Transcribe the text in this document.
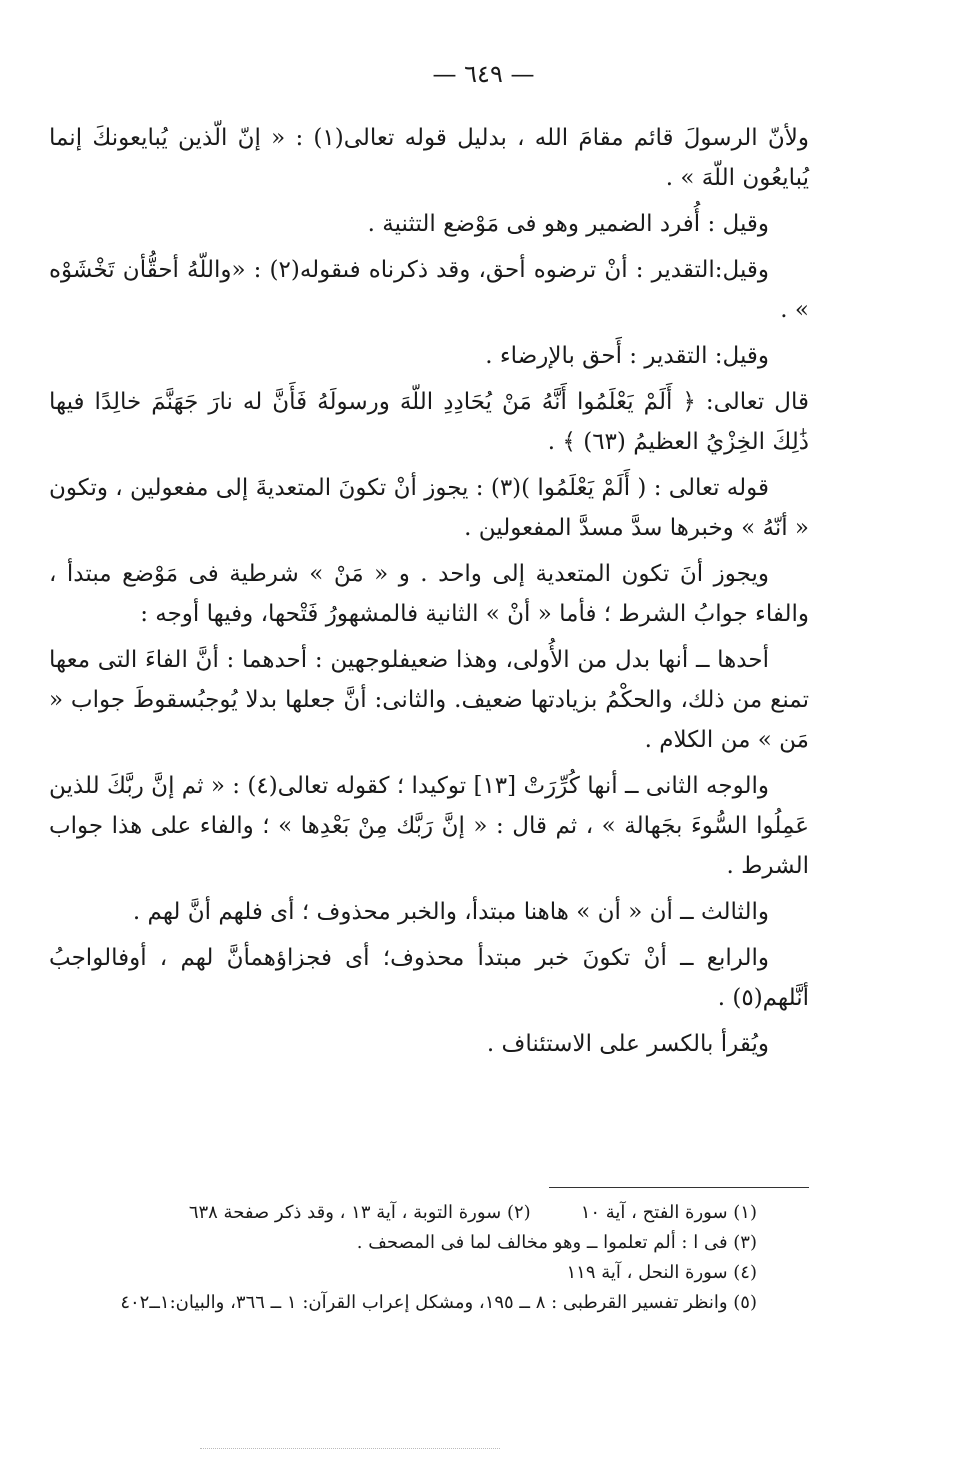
— ٦٤٩ —

ولأنّ الرسولَ قائم مقامَ الله ، بدليل قوله تعالى(١) : « إنّ الّذين يُبايعونكَ إنما يُبايعُون اللّهَ » .

وقيل : أُفرد الضمير وهو فى مَوْضع التثنية .

وقيل:التقدير : أنْ ترضوه أحق، وقد ذكرناه فىقوله(٢) : «واللّهُ أحقُّأن تَخْشَوْه » .

وقيل: التقدير : أَحق بالإرضاء .

قال تعالى: ﴿ أَلَمْ يَعْلَمُوا أَنَّهُ مَنْ يُحَادِدِ اللّهَ ورسولَهُ فَأَنَّ له نارَ جَهَنَّمَ خالِدًا فيها ذَٰلِكَ الخِزْيُ العظيمُ (٦٣) ﴾ .

قوله تعالى : ( أَلَمْ يَعْلَمُوا )(٣) : يجوز أنْ تكونَ المتعديةَ إلى مفعولين ، وتكون « أنّهُ » وخبرها سدَّ مسدَّ المفعولين .

ويجوز أنَ تكون المتعدية إلى واحد . و « مَنْ » شرطية فى مَوْضع مبتدأ ، والفاء جوابُ الشرط ؛ فأما « أنْ » الثانية فالمشهورُ فَتْحها، وفيها أوجه :

أحدها ــ أنها بدل من الأُولى، وهذا ضعيفلوجهين : أحدهما : أنَّ الفاءَ التى معها تمنع من ذلك، والحكْمُ بزيادتها ضعيف. والثانى: أنَّ جعلها بدلا يُوجبُسقوطَ جواب « مَن » من الكلام .

والوجه الثانى ــ أنها كُرِّرَتْ [١٣] توكيدا ؛ كقوله تعالى(٤) : « ثم إنَّ ربَّكَ للذين عَمِلُوا السُّوءَ بجَهالة » ، ثم قال : « إنَّ رَبَّك مِنْ بَعْدِها » ؛ والفاء على هذا جواب الشرط .

والثالث ــ أن « أن » هاهنا مبتدأ، والخبر محذوف ؛ أى فلهم أنَّ لهم .

والرابع ــ أنْ تكونَ خبر مبتدأ محذوف؛ أى فجزاؤهمأنَّ لهم ، أوفالواجبُ أنَّلهم(٥) .

ويُقرأ بالكسر على الاستئناف .

(١) سورة الفتح ، آية ١٠
(٢) سورة التوبة ، آية ١٣ ، وقد ذكر صفحة ٦٣٨
(٣) فى ا : ألم تعلموا ــ وهو مخالف لما فى المصحف .
(٤) سورة النحل ، آية ١١٩
(٥) وانظر تفسير القرطبى : ٨ ــ ١٩٥، ومشكل إعراب القرآن: ١ ــ ٣٦٦، والبيان:١ــ٤٠٢
